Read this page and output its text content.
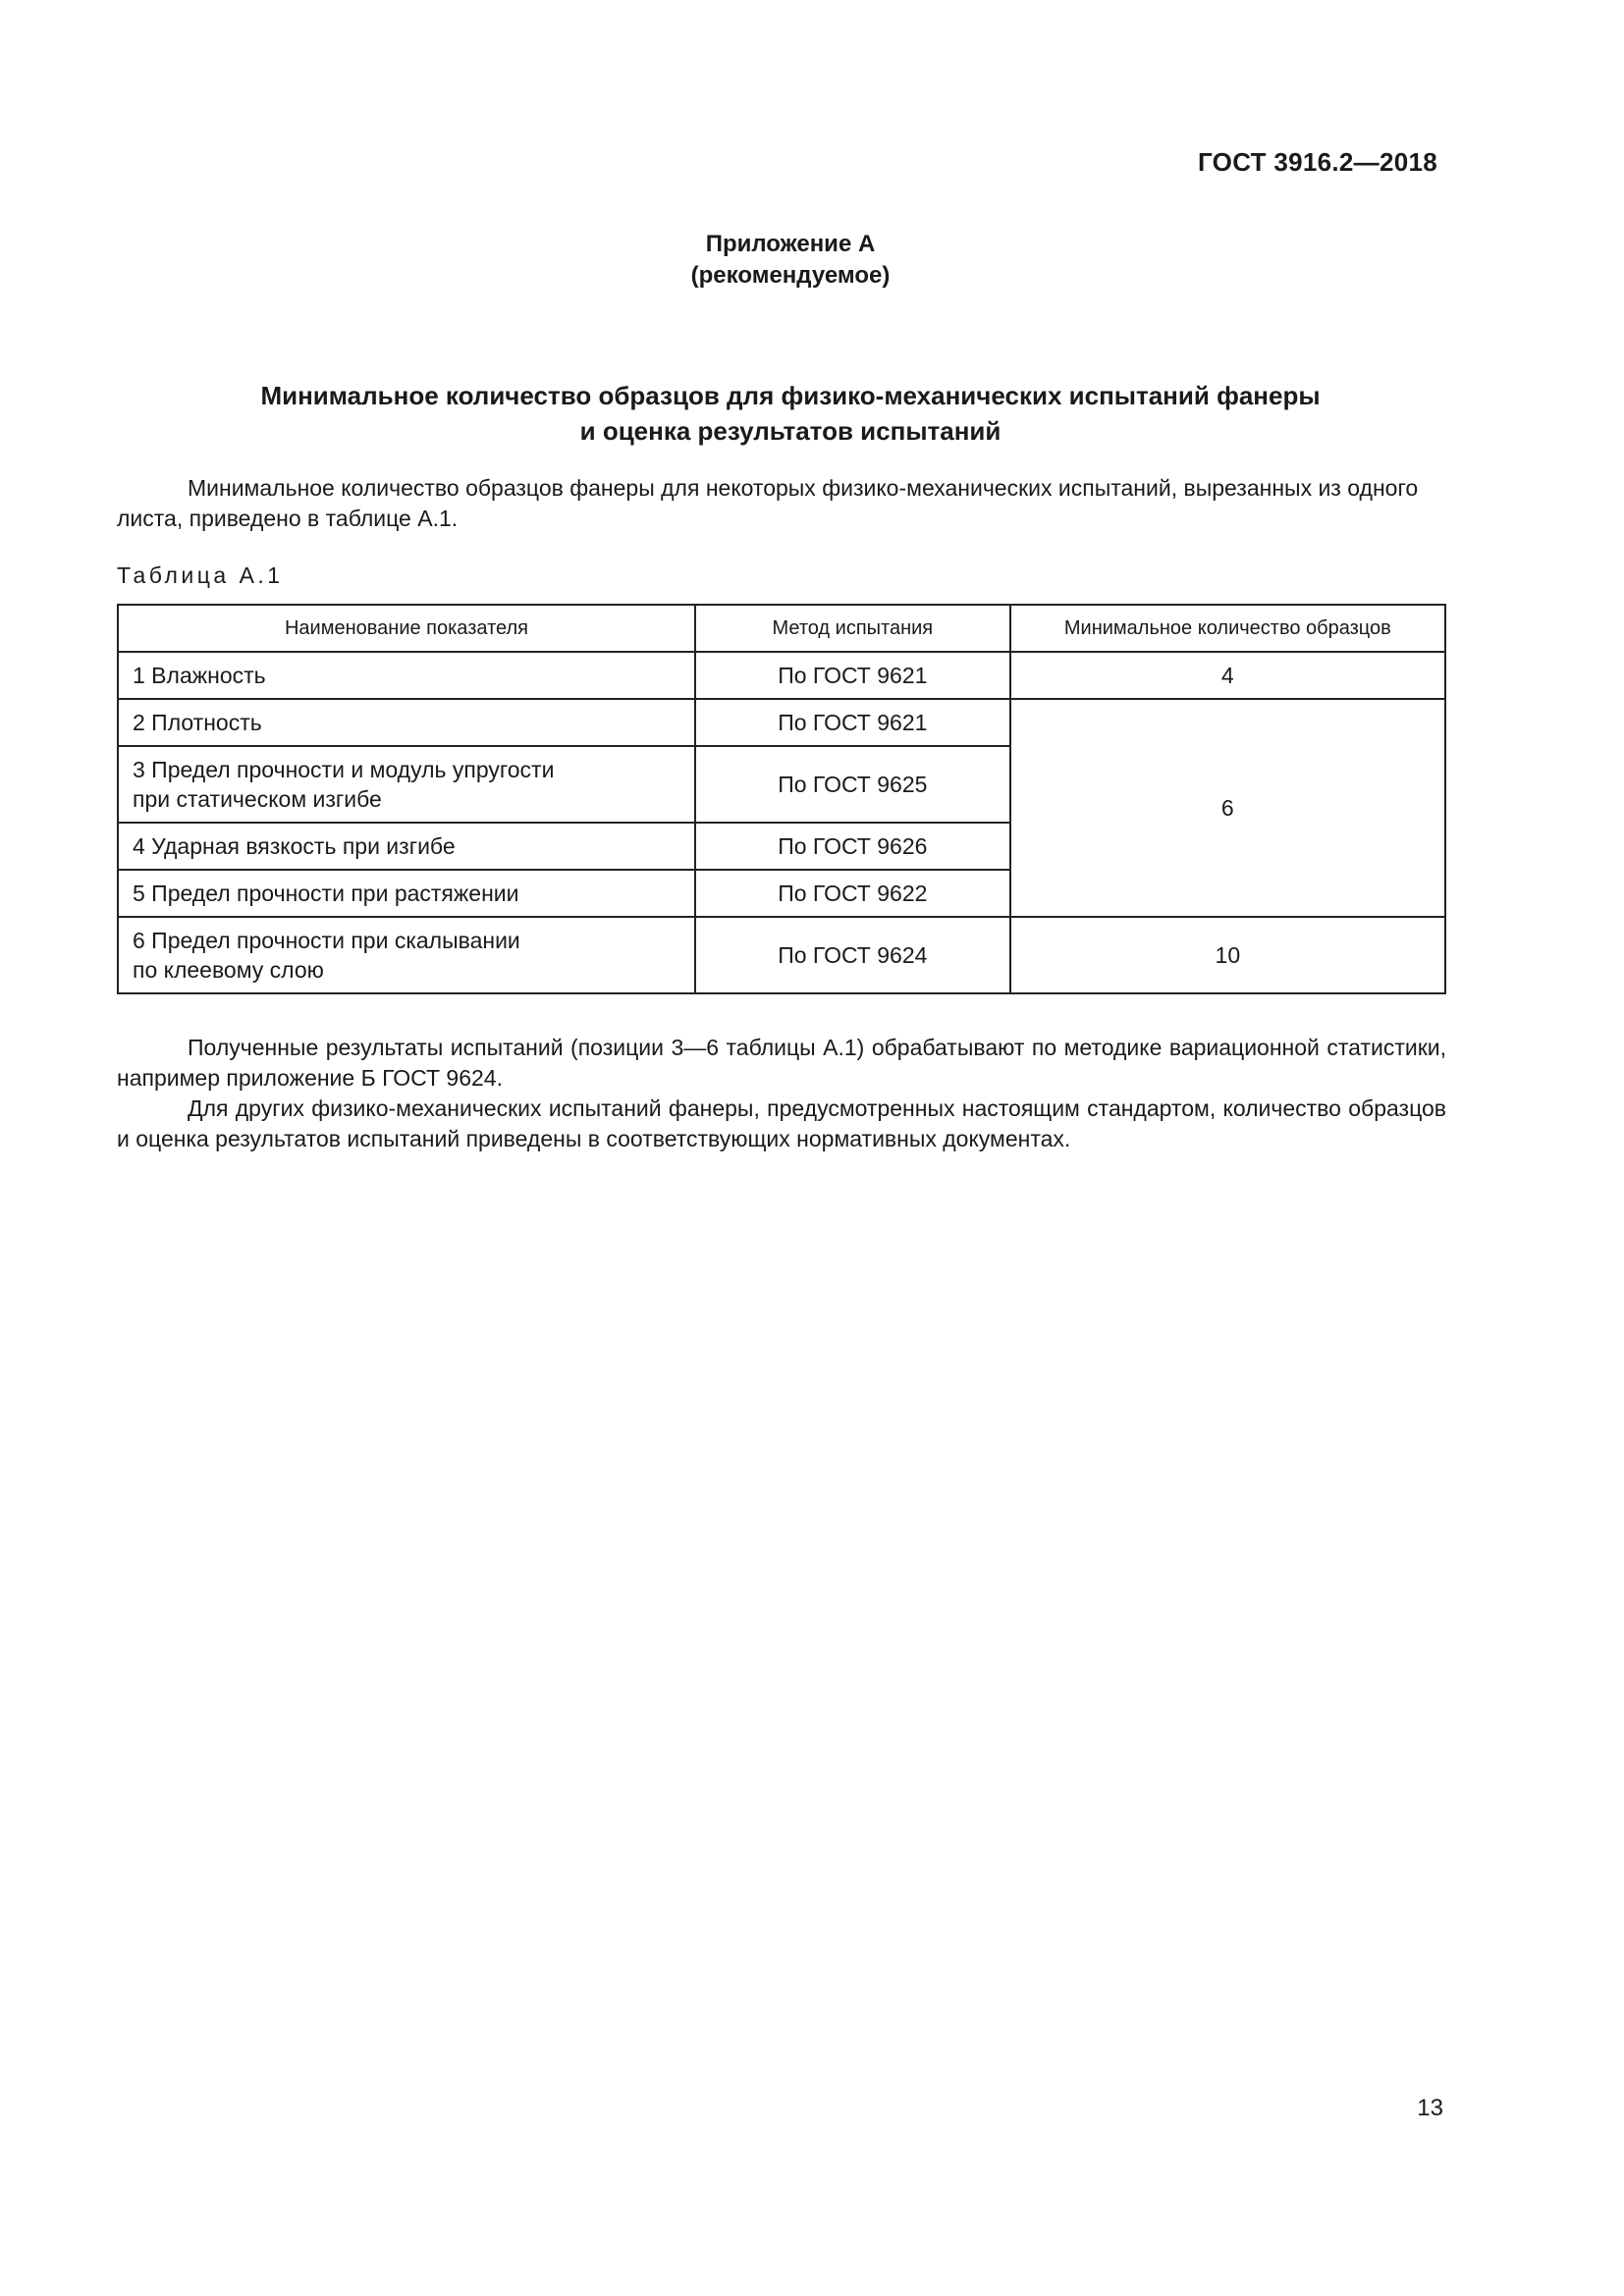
ГОСТ 3916.2—2018
Приложение А
(рекомендуемое)
Минимальное количество образцов для физико-механических испытаний фанеры
и оценка результатов испытаний

Минимальное количество образцов фанеры для некоторых физико-механических испытаний, вырезанных из одного листа, приведено в таблице А.1.

Таблица А.1
Наименование показателя	Метод испытания	Минимальное количество образцов
1 Влажность	По ГОСТ 9621	4
2 Плотность	По ГОСТ 9621	6

3 Предел прочности и модуль упругости
при статическом изгибе	По ГОСТ 9625	
4 Ударная вязкость при изгибе	По ГОСТ 9626	
5 Предел прочности при растяжении	По ГОСТ 9622	

6 Предел прочности при скалывании
по клеевому слою	По ГОСТ 9624	10

Полученные результаты испытаний (позиции 3—6 таблицы А.1) обрабатывают по методике вариационной статистики, например приложение Б ГОСТ 9624.

Для других физико-механических испытаний фанеры, предусмотренных настоящим стандартом, количество образцов и оценка результатов испытаний приведены в соответствующих нормативных документах.

13
